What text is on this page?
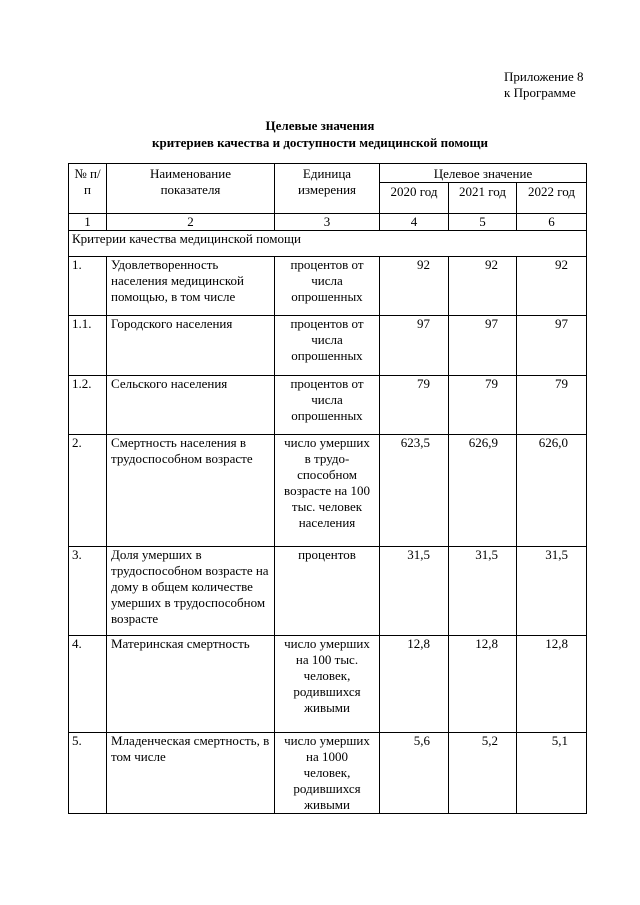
Приложение 8
к Программе
Целевые значения
критериев качества и доступности медицинской помощи
№ п/п	Наименование показателя	Единица измерения	Целевое значение		
			2020 год	2021 год	2022 год
1	2	3	4	5	6
Критерии качества медицинской помощи					
1.	Удовлетворенность населения медицинской помощью, в том числе	процентов от числа опрошенных	92	92	92
1.1.	Городского населения	процентов от числа опрошенных	97	97	97
1.2.	Сельского населения	процентов от числа опрошенных	79	79	79
2.	Смертность населения в трудоспособном возрасте	число умерших в трудо-способном возрасте на 100 тыс. человек населения	623,5	626,9	626,0
3.	Доля умерших в трудоспособном возрасте на дому в общем количестве умерших в трудоспособном возрасте	процентов	31,5	31,5	31,5
4.	Материнская смертность	число умерших на 100 тыс. человек, родившихся живыми	12,8	12,8	12,8
5.	Младенческая смертность, в том числе	число умерших на 1000 человек, родившихся живыми	5,6	5,2	5,1
